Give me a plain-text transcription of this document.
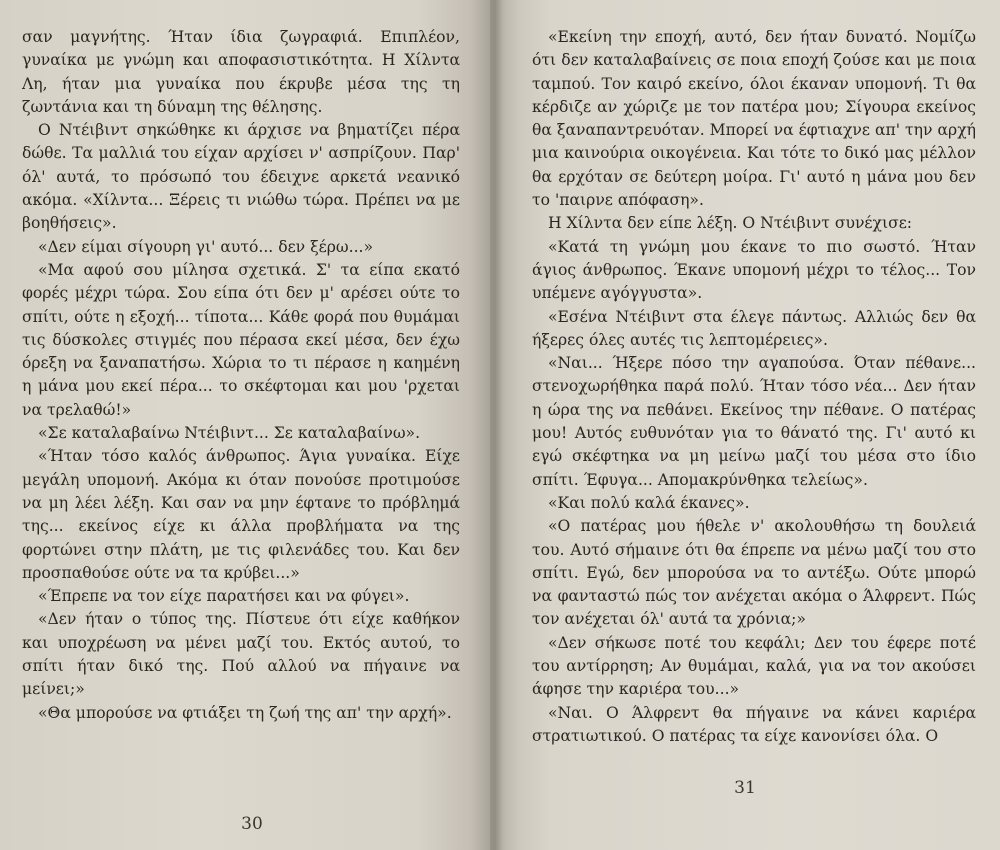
σαν μαγνήτης. Ήταν ίδια ζωγραφιά. Επιπλέον, γυναίκα με γνώμη και αποφασιστικότητα. Η Χίλντα Λη, ήταν μια γυναίκα που έκρυβε μέσα της τη ζωντάνια και τη δύναμη της θέλησης.

Ο Ντέιβιντ σηκώθηκε κι άρχισε να βηματίζει πέρα δώθε. Τα μαλλιά του είχαν αρχίσει ν' ασπρίζουν. Παρ' όλ' αυτά, το πρόσωπό του έδειχνε αρκετά νεανικό ακόμα. «Χίλντα... Ξέρεις τι νιώθω τώρα. Πρέπει να με βοηθήσεις».

«Δεν είμαι σίγουρη γι' αυτό... δεν ξέρω...»

«Μα αφού σου μίλησα σχετικά. Σ' τα είπα εκατό φορές μέχρι τώρα. Σου είπα ότι δεν μ' αρέσει ούτε το σπίτι, ούτε η εξοχή... τίποτα... Κάθε φορά που θυμάμαι τις δύσκολες στιγμές που πέρασα εκεί μέσα, δεν έχω όρεξη να ξαναπατήσω. Χώρια το τι πέρασε η καημένη η μάνα μου εκεί πέρα... το σκέφτομαι και μου 'ρχεται να τρελαθώ!»

«Σε καταλαβαίνω Ντέιβιντ... Σε καταλαβαίνω».

«Ήταν τόσο καλός άνθρωπος. Άγια γυναίκα. Είχε μεγάλη υπομονή. Ακόμα κι όταν πονούσε προτιμούσε να μη λέει λέξη. Και σαν να μην έφτανε το πρόβλημά της... εκείνος είχε κι άλλα προβλήματα να της φορτώνει στην πλάτη, με τις φιλενάδες του. Και δεν προσπαθούσε ούτε να τα κρύβει...»

«Έπρεπε να τον είχε παρατήσει και να φύγει».

«Δεν ήταν ο τύπος της. Πίστευε ότι είχε καθήκον και υποχρέωση να μένει μαζί του. Εκτός αυτού, το σπίτι ήταν δικό της. Πού αλλού να πήγαινε να μείνει;»

«Θα μπορούσε να φτιάξει τη ζωή της απ' την αρχή».

30

«Εκείνη την εποχή, αυτό, δεν ήταν δυνατό. Νομίζω ότι δεν καταλαβαίνεις σε ποια εποχή ζούσε και με ποια ταμπού. Τον καιρό εκείνο, όλοι έκαναν υπομονή. Τι θα κέρδιζε αν χώριζε με τον πατέρα μου; Σίγουρα εκείνος θα ξαναπαντρευόταν. Μπορεί να έφτιαχνε απ' την αρχή μια καινούρια οικογένεια. Και τότε το δικό μας μέλλον θα ερχόταν σε δεύτερη μοίρα. Γι' αυτό η μάνα μου δεν το 'παιρνε απόφαση».

Η Χίλντα δεν είπε λέξη. Ο Ντέιβιντ συνέχισε:

«Κατά τη γνώμη μου έκανε το πιο σωστό. Ήταν άγιος άνθρωπος. Έκανε υπομονή μέχρι το τέλος... Τον υπέμενε αγόγγυστα».

«Εσένα Ντέιβιντ στα έλεγε πάντως. Αλλιώς δεν θα ήξερες όλες αυτές τις λεπτομέρειες».

«Ναι... Ήξερε πόσο την αγαπούσα. Όταν πέθανε... στενοχωρήθηκα παρά πολύ. Ήταν τόσο νέα... Δεν ήταν η ώρα της να πεθάνει. Εκείνος την πέθανε. Ο πατέρας μου! Αυτός ευθυνόταν για το θάνατό της. Γι' αυτό κι εγώ σκέφτηκα να μη μείνω μαζί του μέσα στο ίδιο σπίτι. Έφυγα... Απομακρύνθηκα τελείως».

«Και πολύ καλά έκανες».

«Ο πατέρας μου ήθελε ν' ακολουθήσω τη δουλειά του. Αυτό σήμαινε ότι θα έπρεπε να μένω μαζί του στο σπίτι. Εγώ, δεν μπορούσα να το αντέξω. Ούτε μπορώ να φανταστώ πώς τον ανέχεται ακόμα ο Άλφρεντ. Πώς τον ανέχεται όλ' αυτά τα χρόνια;»

«Δεν σήκωσε ποτέ του κεφάλι; Δεν του έφερε ποτέ του αντίρρηση; Αν θυμάμαι, καλά, για να τον ακούσει άφησε την καριέρα του...»

«Ναι. Ο Άλφρεντ θα πήγαινε να κάνει καριέρα στρατιωτικού. Ο πατέρας τα είχε κανονίσει όλα. Ο

31
